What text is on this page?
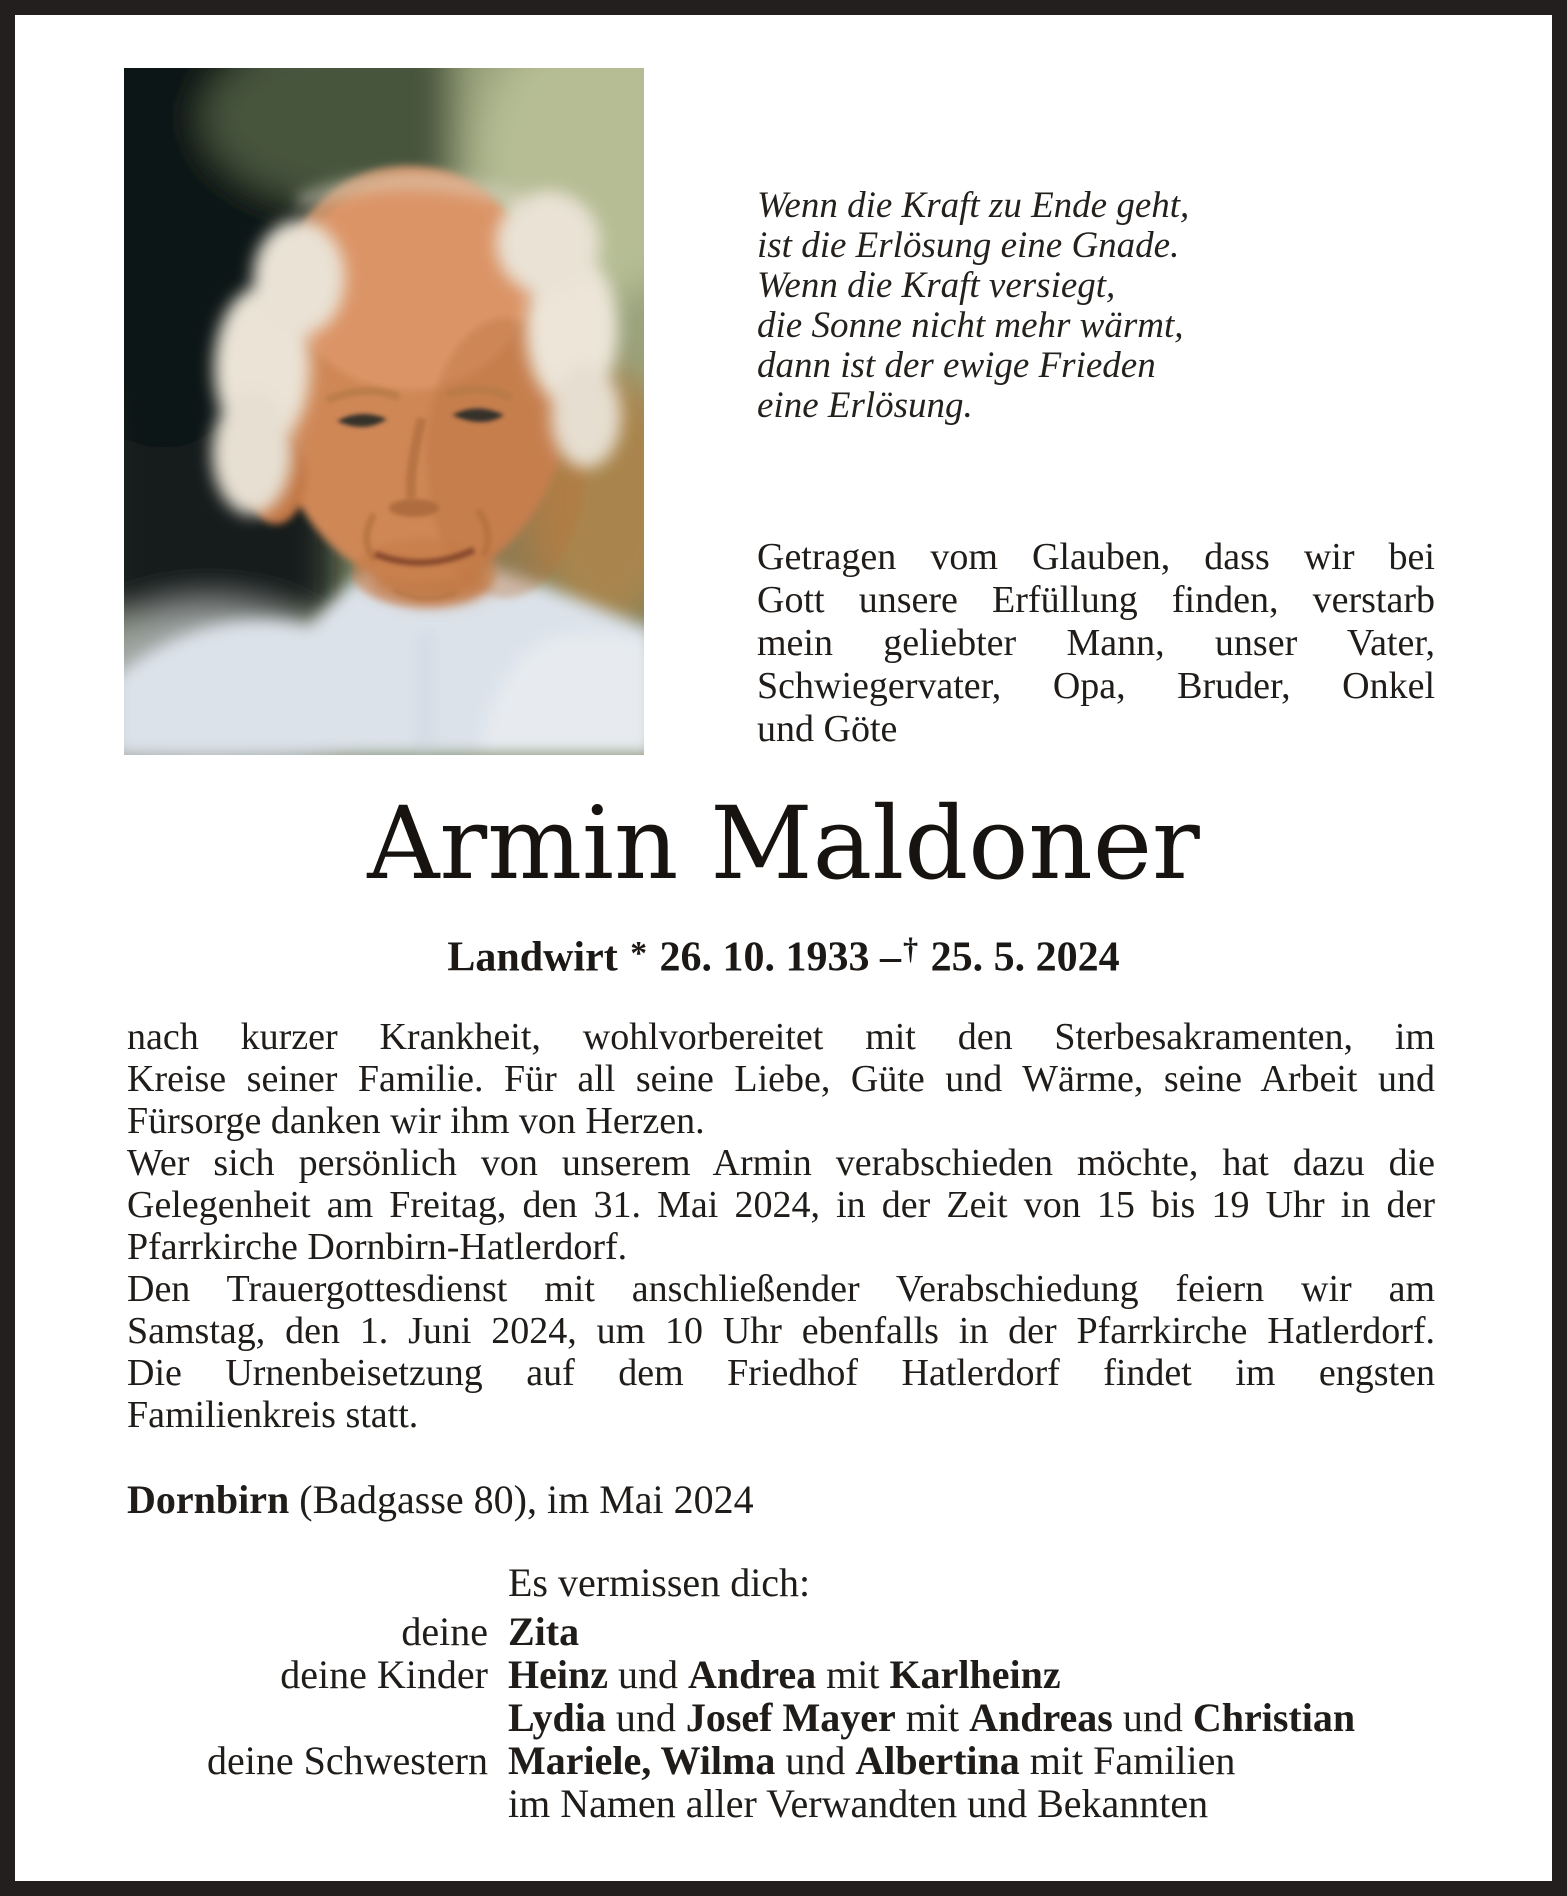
Wenn die Kraft zu Ende geht,
ist die Erlösung eine Gnade.
Wenn die Kraft versiegt,
die Sonne nicht mehr wärmt,
dann ist der ewige Frieden
eine Erlösung.
Getragen vom Glauben, dass wir bei
Gott unsere Erfüllung finden, verstarb
mein geliebter Mann, unser Vater,
Schwiegervater, Opa, Bruder, Onkel
und Göte
Armin Maldoner
Landwirt * 26. 10. 1933 –† 25. 5. 2024
nach kurzer Krankheit, wohlvorbereitet mit den Sterbesakramenten, im
Kreise seiner Familie. Für all seine Liebe, Güte und Wärme, seine Arbeit und
Fürsorge danken wir ihm von Herzen.
Wer sich persönlich von unserem Armin verabschieden möchte, hat dazu die
Gelegenheit am Freitag, den 31. Mai 2024, in der Zeit von 15 bis 19 Uhr in der
Pfarrkirche Dornbirn-Hatlerdorf.
Den Trauergottesdienst mit anschließender Verabschiedung feiern wir am
Samstag, den 1. Juni 2024, um 10 Uhr ebenfalls in der Pfarrkirche Hatlerdorf.
Die Urnenbeisetzung auf dem Friedhof Hatlerdorf findet im engsten
Familienkreis statt.
Dornbirn (Badgasse 80), im Mai 2024
Es vermissen dich:
deine Zita
deine Kinder Heinz und Andrea mit Karlheinz
Lydia und Josef Mayer mit Andreas und Christian
deine Schwestern Mariele, Wilma und Albertina mit Familien
im Namen aller Verwandten und Bekannten
